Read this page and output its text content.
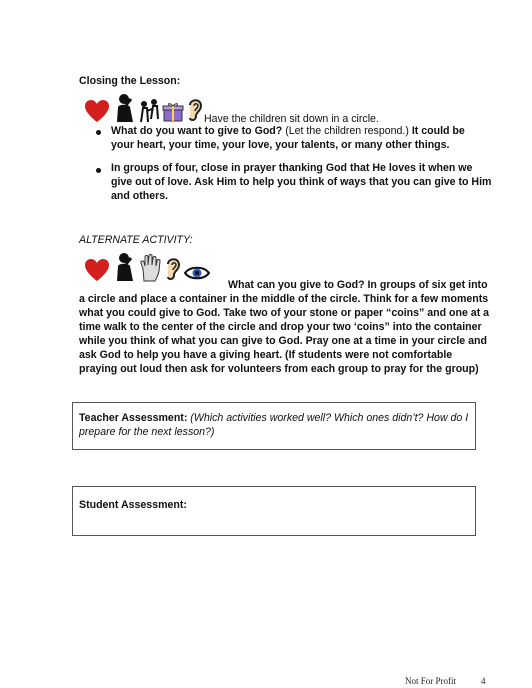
Closing the Lesson:
Have the children sit down in a circle.
What do you want to give to God? (Let the children respond.) It could be
your heart, your time, your love, your talents, or many other things.
In groups of four, close in prayer thanking God that He loves it when we
give out of love. Ask Him to help you think of ways that you can give to Him
and others.
ALTERNATE ACTIVITY:
What can you give to God? In groups of six get into
a circle and place a container in the middle of the circle. Think for a few moments
what you could give to God. Take two of your stone or paper “coins” and one at a
time walk to the center of the circle and drop your two ‘coins” into the container
while you think of what you can give to God. Pray one at a time in your circle and
ask God to help you have a giving heart. (If students were not comfortable
praying out loud then ask for volunteers from each group to pray for the group)
Teacher Assessment: (Which activities worked well? Which ones didn’t? How do I
prepare for the next lesson?)
Student Assessment:
Not For Profit	4
